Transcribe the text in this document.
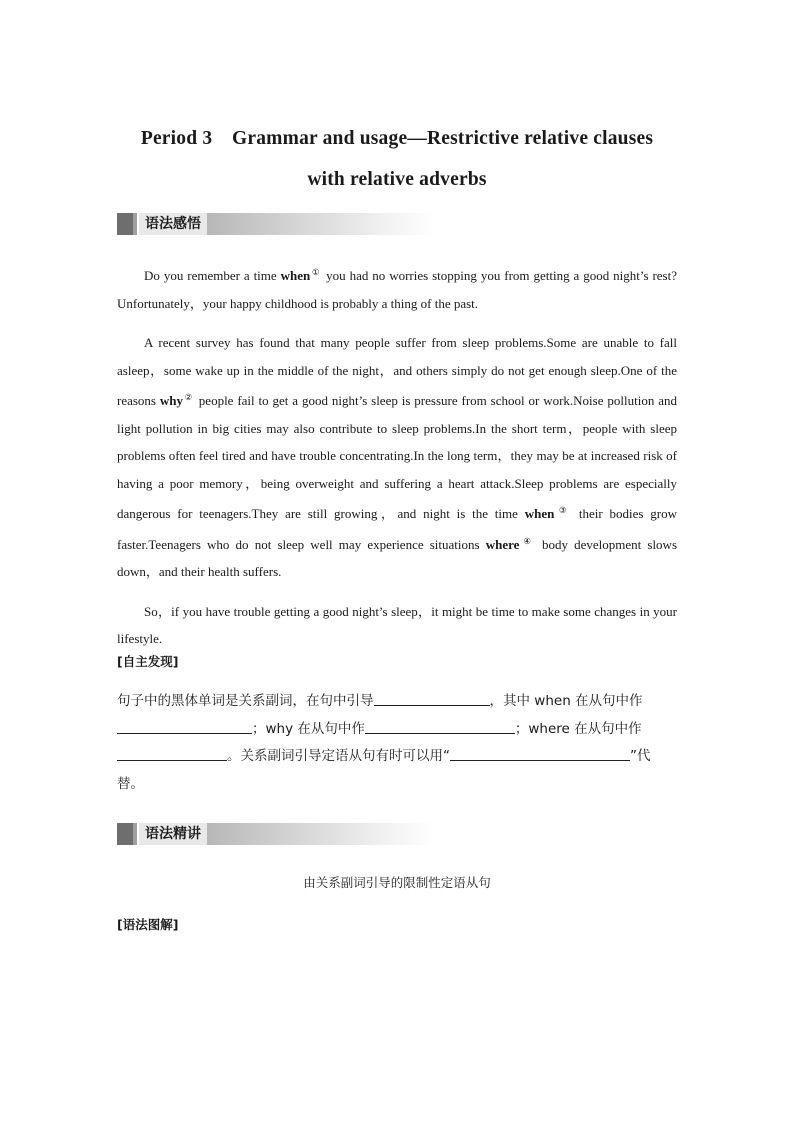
Period 3　Grammar and usage—Restrictive relative clauses
with relative adverbs
语法感悟

Do you remember a time when① you had no worries stopping you from getting a good night’s rest? Unfortunately，your happy childhood is probably a thing of the past.

A recent survey has found that many people suffer from sleep problems.Some are unable to fall asleep，some wake up in the middle of the night，and others simply do not get enough sleep.One of the reasons why② people fail to get a good night’s sleep is pressure from school or work.Noise pollution and light pollution in big cities may also contribute to sleep problems.In the short term，people with sleep problems often feel tired and have trouble concentrating.In the long term，they may be at increased risk of having a poor memory，being overweight and suffering a heart attack.Sleep problems are especially dangerous for teenagers.They are still growing，and night is the time when③ their bodies grow faster.Teenagers who do not sleep well may experience situations where④ body development slows down，and their health suffers.

So，if you have trouble getting a good night’s sleep，it might be time to make some changes in your lifestyle.

[自主发现]
句子中的黑体单词是关系副词，在句中引导	，其中 when 在从句中作；why 在从句中作	；where 在从句中作。关系副词引导定语从句有时可以用“	”代替。
语法精讲
由关系副词引导的限制性定语从句
[语法图解]
